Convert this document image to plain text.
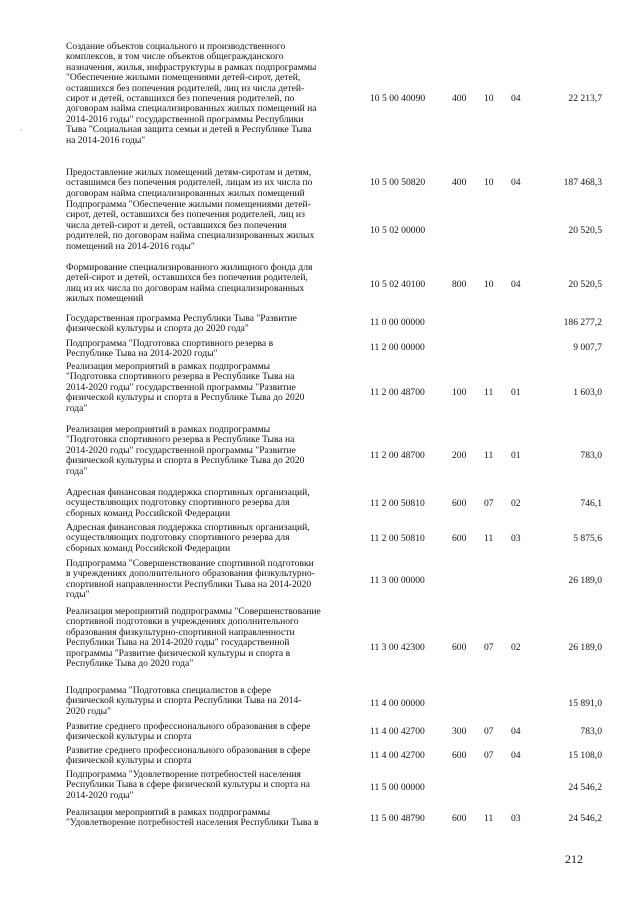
·
Создание объектов социального и производственного
комплексов, в том числе объектов общегражданского
назначения, жилья, инфраструктуры в рамках подпрограммы
"Обеспечение жилыми помещениями детей-сирот, детей,
оставшихся без попечения родителей, лиц из числа детей-
сирот и детей, оставшихся без попечения родителей, по
договорам найма специализированных жилых помещений на
2014-2016 годы" государственной программы Республики
Тыва "Социальная защита семьи и детей в Республике Тыва
на 2014-2016 годы"
10 5 00 40090	400 10 04	22 213,7
Предоставление жилых помещений детям-сиротам и детям,
оставшимся без попечения родителей, лицам из их числа по
договорам найма специализированных жилых помещений
10 5 00 50820	400 10 04	187 468,3
Подпрограмма "Обеспечение жилыми помещениями детей-
сирот, детей, оставшихся без попечения родителей, лиц из
числа детей-сирот и детей, оставшихся без попечения
родителей, по договорам найма специализированных жилых
помещений на 2014-2016 годы"
10 5 02 00000	20 520,5
Формирование специализированного жилищного фонда для
детей-сирот и детей, оставшихся без попечения родителей,
лиц из их числа по договорам найма специализированных
жилых помещений
10 5 02 40100	800 10 04	20 520,5
Государственная программа Республики Тыва "Развитие
физической культуры и спорта до 2020 года"
11 0 00 00000	186 277,2
Подпрограмма "Подготовка спортивного резерва в
Республике Тыва на 2014-2020 годы"
11 2 00 00000	9 007,7
Реализация мероприятий в рамках подпрограммы
"Подготовка спортивного резерва в Республике Тыва на
2014-2020 годы" государственной программы "Развитие
физической культуры и спорта в Республике Тыва до 2020
года"
11 2 00 48700	100 11 01	1 603,0
Реализация мероприятий в рамках подпрограммы
"Подготовка спортивного резерва в Республике Тыва на
2014-2020 годы" государственной программы "Развитие
физической культуры и спорта в Республике Тыва до 2020
года"
11 2 00 48700	200 11 01	783,0
Адресная финансовая поддержка спортивных организаций,
осуществляющих подготовку спортивного резерва для
сборных команд Российской Федерации
11 2 00 50810	600 07 02	746,1
Адресная финансовая поддержка спортивных организаций,
осуществляющих подготовку спортивного резерва для
сборных команд Российской Федерации
11 2 00 50810	600 11 03	5 875,6
Подпрограмма "Совершенствование спортивной подготовки
в учреждениях дополнительного образования физкультурно-
спортивной направленности Республики Тыва на 2014-2020
годы"
11 3 00 00000	26 189,0
Реализация мероприятий подпрограммы "Совершенствование
спортивной подготовки в учреждениях дополнительного
образования физкультурно-спортивной направленности
Республики Тыва на 2014-2020 годы" государственной
программы "Развитие физической культуры и спорта в
Республике Тыва до 2020 года"
11 3 00 42300	600 07 02	26 189,0
Подпрограмма "Подготовка специалистов в сфере
физической культуры и спорта Республики Тыва на 2014-
2020 годы"
11 4 00 00000	15 891,0
Развитие среднего профессионального образования в сфере
физической культуры и спорта	11 4 00 42700	300 07 04	783,0
Развитие среднего профессионального образования в сфере
физической культуры и спорта	11 4 00 42700	600 07 04	15 108,0
Подпрограмма "Удовлетворение потребностей населения
Республики Тыва в сфере физической культуры и спорта на
2014-2020 годы"
11 5 00 00000	24 546,2
Реализация мероприятий в рамках подпрограммы
"Удовлетворение потребностей населения Республики Тыва в	11 5 00 48790	600 11 03	24 546,2
212
